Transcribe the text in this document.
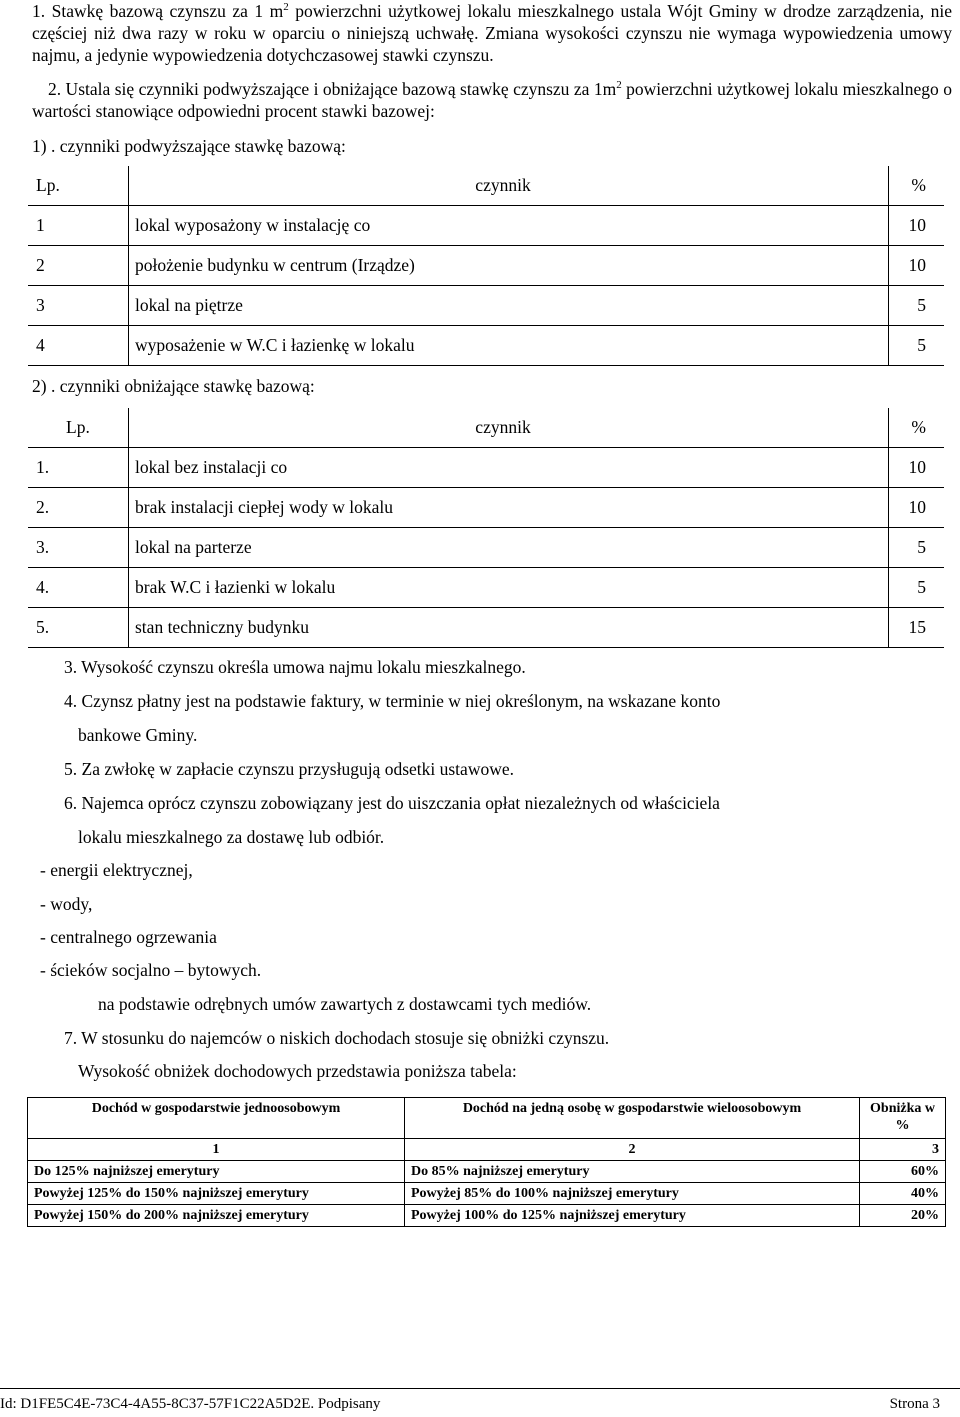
1. Stawkę bazową czynszu za 1 $m^2$ powierzchni użytkowej lokalu mieszkalnego ustala Wójt Gminy w drodze zarządzenia, nie częściej niż dwa razy w roku w oparciu o niniejszą uchwałę. Zmiana wysokości czynszu nie wymaga wypowiedzenia umowy najmu, a jedynie wypowiedzenia dotychczasowej stawki czynszu.
2. Ustala się czynniki podwyższające i obniżające bazową stawkę czynszu za $1m^2$ powierzchni użytkowej lokalu mieszkalnego o wartości stanowiące odpowiedni procent stawki bazowej:
1) . czynniki podwyższające stawkę bazową:
Lp.	czynnik	%
1	lokal wyposażony w instalację co	10
2	położenie budynku w centrum (Irządze)	10
3	lokal na piętrze	5
4	wyposażenie w W.C i łazienkę w lokalu	5
2) . czynniki obniżające stawkę bazową:
Lp.	czynnik	%
1.	lokal bez instalacji co	10
2.	brak instalacji ciepłej wody w lokalu	10
3.	lokal na parterze	5
4.	brak W.C i łazienki w lokalu	5
5.	stan techniczny budynku	15
3. Wysokość czynszu określa umowa najmu lokalu mieszkalnego.
4. Czynsz płatny jest na podstawie faktury, w terminie w niej określonym, na wskazane konto
bankowe Gminy.
5. Za zwłokę w zapłacie czynszu przysługują odsetki ustawowe.
6. Najemca oprócz czynszu zobowiązany jest do uiszczania opłat niezależnych od właściciela
lokalu mieszkalnego za dostawę lub odbiór.
- energii elektrycznej,
- wody,
- centralnego ogrzewania
- ścieków socjalno – bytowych.
na podstawie odrębnych umów zawartych z dostawcami tych mediów.
7. W stosunku do najemców o niskich dochodach stosuje się obniżki czynszu.
Wysokość obniżek dochodowych przedstawia poniższa tabela:
Dochód w gospodarstwie jednoosobowym	Dochód na jedną osobę w gospodarstwie wieloosobowym	Obniżka w %
1	2	3
Do 125% najniższej emerytury	Do 85% najniższej emerytury	60%
Powyżej 125% do 150% najniższej emerytury	Powyżej 85% do 100% najniższej emerytury	40%
Powyżej 150% do 200% najniższej emerytury	Powyżej 100% do 125% najniższej emerytury	20%
Id: D1FE5C4E-73C4-4A55-8C37-57F1C22A5D2E. Podpisany	Strona 3
